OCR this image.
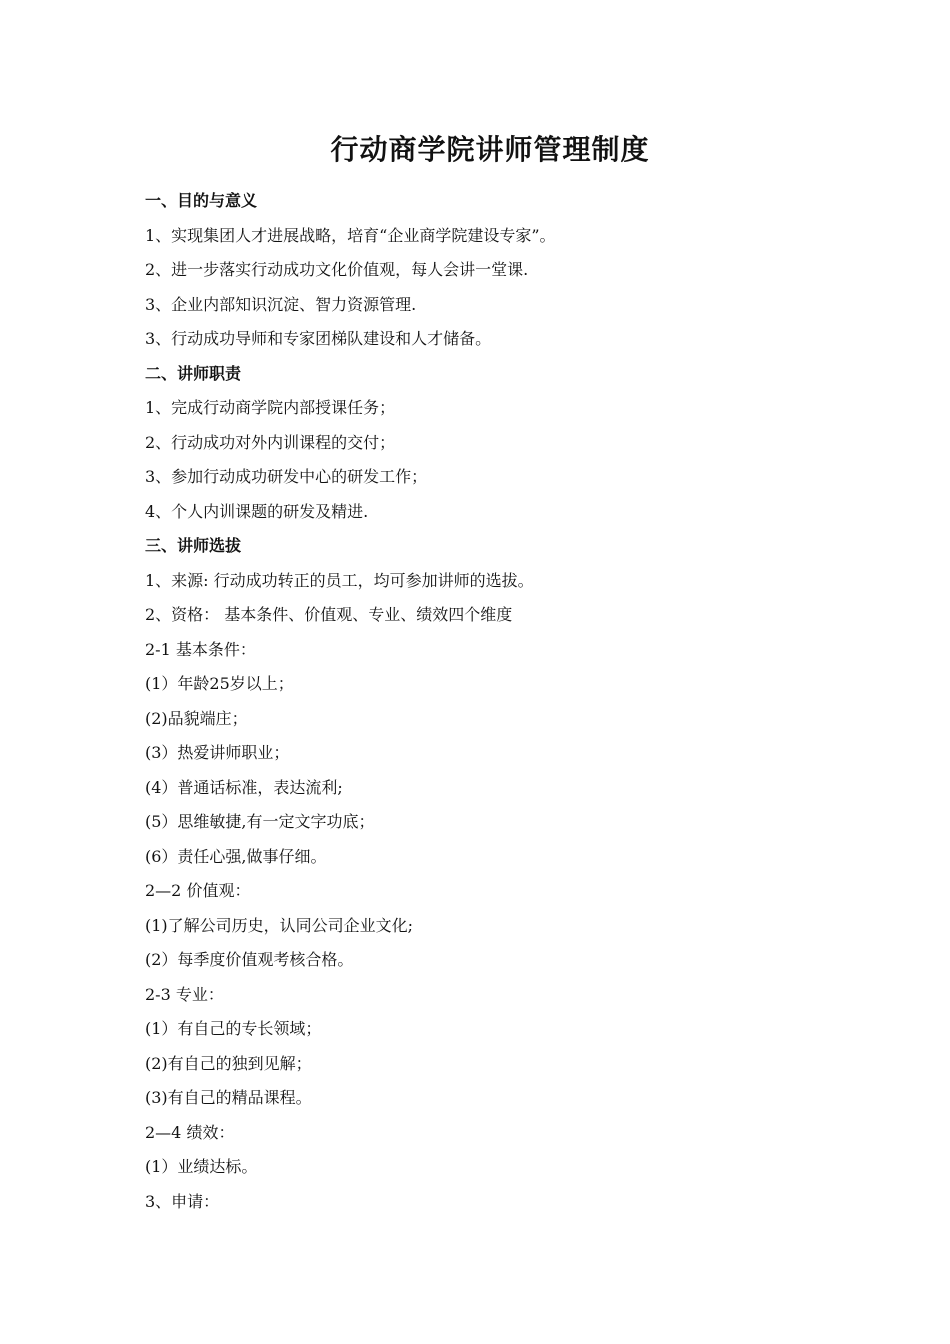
行动商学院讲师管理制度
一、目的与意义
1、实现集团人才进展战略，培育“企业商学院建设专家”。
2、进一步落实行动成功文化价值观，每人会讲一堂课.
3、企业内部知识沉淀、智力资源管理.
3、行动成功导师和专家团梯队建设和人才储备。
二、讲师职责
1、完成行动商学院内部授课任务；
2、行动成功对外内训课程的交付；
3、参加行动成功研发中心的研发工作；
4、个人内训课题的研发及精进.
三、讲师选拔
1、来源: 行动成功转正的员工，均可参加讲师的选拔。
2、资格： 基本条件、价值观、专业、绩效四个维度
2-1 基本条件：
(1）年龄25岁以上；
(2)品貌端庄；
(3）热爱讲师职业；
(4）普通话标准，表达流利;
(5）思维敏捷,有一定文字功底；
(6）责任心强,做事仔细。
2—2 价值观：
(1)了解公司历史，认同公司企业文化;
(2）每季度价值观考核合格。
2-3 专业：
(1）有自己的专长领域；
(2)有自己的独到见解；
(3)有自己的精品课程。
2—4 绩效：
(1）业绩达标。
3、申请：
